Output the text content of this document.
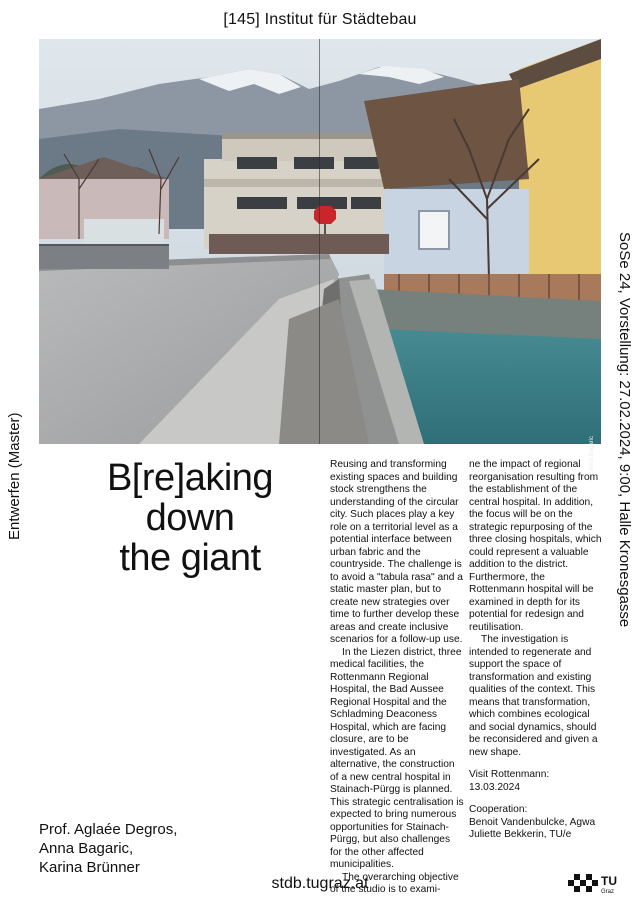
[145] Institut für Städtebau
© Lanna Bagaric
Entwerfen (Master)	SoSe 24, Vorstellung: 27.02.2024, 9:00, Halle Kronesgasse
B[re]aking
down
the giant

Reusing and transforming existing spaces and building stock strengthens the understanding of the circular city. Such places play a key role on a territorial level as a potential interface between urban fabric and the countryside. The challenge is to avoid a "tabula rasa" and a static master plan, but to create new strategies over time to further develop these areas and create inclusive scenarios for a follow-up use.

In the Liezen district, three medical facilities, the Rottenmann Regional Hospital, the Bad Aussee Regional Hospital and the Schladming Deaconess Hospital, which are facing closure, are to be investigated. As an alternative, the construction of a new central hospital in Stainach-Pürgg is planned. This strategic centralisation is expected to bring numerous opportunities for Stainach-Pürgg, but also challenges for the other affected municipalities.

The overarching objective of the studio is to exami-

ne the impact of regional reorganisation resulting from the establishment of the central hospital. In addition, the focus will be on the strategic repurposing of the three closing hospitals, which could represent a valuable addition to the district. Furthermore, the Rottenmann hospital will be examined in depth for its potential for redesign and reutilisation.

The investigation is intended to regenerate and support the space of transformation and existing qualities of the context. This means that transformation, which combines ecological and social dynamics, should be reconsidered and given a new shape.

Visit Rottenmann:

13.03.2024

Cooperation:

Benoit Vandenbulcke, Agwa Juliette Bekkerin, TU/e

Prof. Aglaée Degros,
Anna Bagaric,
Karina Brünner
stdb.tugraz.at	TU
Graz
